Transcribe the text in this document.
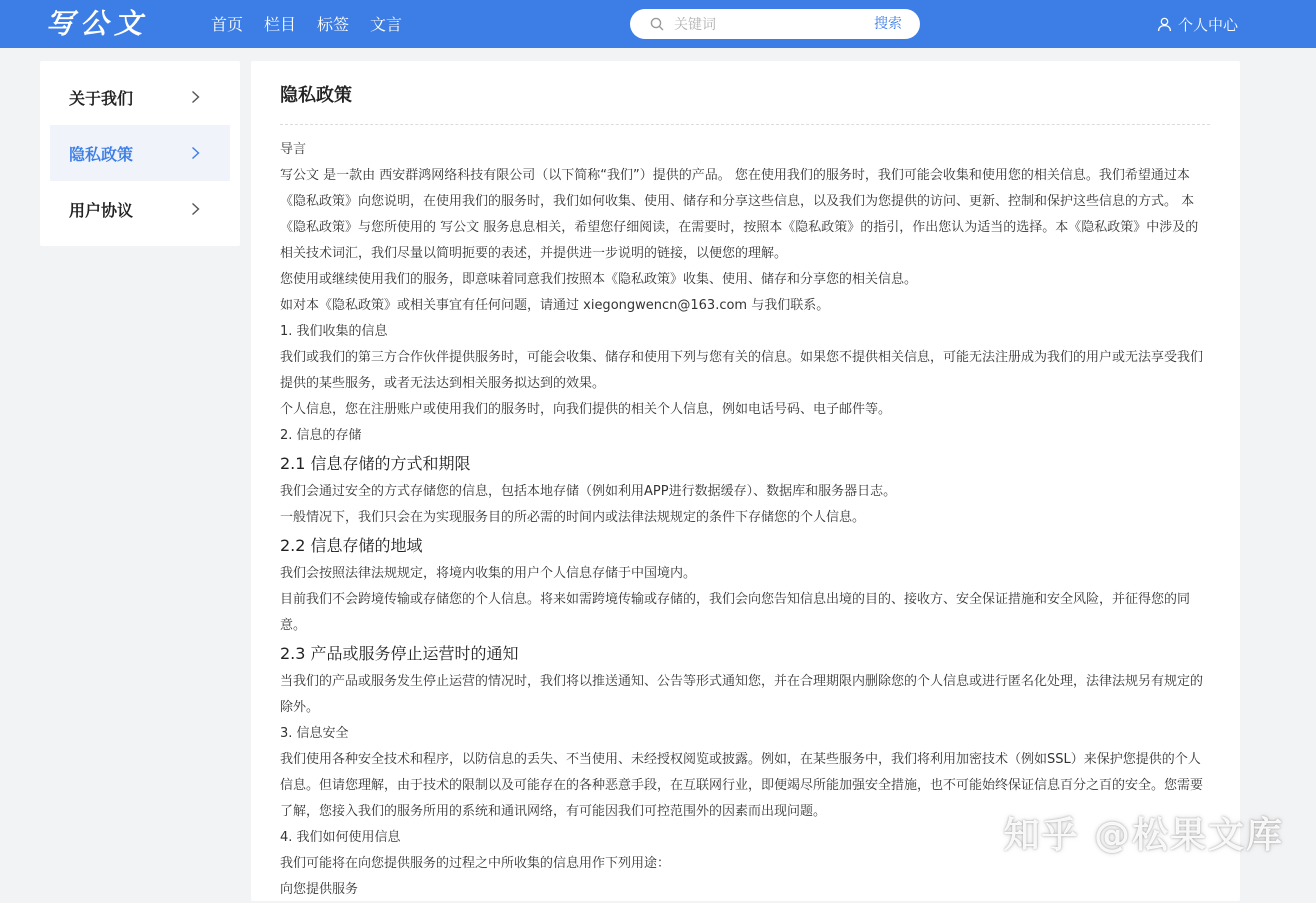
写公文	首页 栏目 标签 文言
关键词	搜索	个人中心
关于我们
隐私政策
用户协议
隐私政策

导言

写公文 是一款由 西安群鸿网络科技有限公司（以下简称“我们”）提供的产品。 您在使用我们的服务时，我们可能会收集和使用您的相关信息。我们希望通过本《隐私政策》向您说明，在使用我们的服务时，我们如何收集、使用、储存和分享这些信息，以及我们为您提供的访问、更新、控制和保护这些信息的方式。 本《隐私政策》与您所使用的 写公文 服务息息相关，希望您仔细阅读，在需要时，按照本《隐私政策》的指引，作出您认为适当的选择。本《隐私政策》中涉及的相关技术词汇，我们尽量以简明扼要的表述，并提供进一步说明的链接，以便您的理解。

您使用或继续使用我们的服务，即意味着同意我们按照本《隐私政策》收集、使用、储存和分享您的相关信息。

如对本《隐私政策》或相关事宜有任何问题，请通过 xiegongwencn@163.com 与我们联系。

1. 我们收集的信息

我们或我们的第三方合作伙伴提供服务时，可能会收集、储存和使用下列与您有关的信息。如果您不提供相关信息，可能无法注册成为我们的用户或无法享受我们提供的某些服务，或者无法达到相关服务拟达到的效果。

个人信息，您在注册账户或使用我们的服务时，向我们提供的相关个人信息，例如电话号码、电子邮件等。

2. 信息的存储

2.1 信息存储的方式和期限

我们会通过安全的方式存储您的信息，包括本地存储（例如利用APP进行数据缓存）、数据库和服务器日志。

一般情况下，我们只会在为实现服务目的所必需的时间内或法律法规规定的条件下存储您的个人信息。

2.2 信息存储的地域

我们会按照法律法规规定，将境内收集的用户个人信息存储于中国境内。

目前我们不会跨境传输或存储您的个人信息。将来如需跨境传输或存储的，我们会向您告知信息出境的目的、接收方、安全保证措施和安全风险，并征得您的同意。

2.3 产品或服务停止运营时的通知

当我们的产品或服务发生停止运营的情况时，我们将以推送通知、公告等形式通知您，并在合理期限内删除您的个人信息或进行匿名化处理，法律法规另有规定的除外。

3. 信息安全

我们使用各种安全技术和程序，以防信息的丢失、不当使用、未经授权阅览或披露。例如，在某些服务中，我们将利用加密技术（例如SSL）来保护您提供的个人信息。但请您理解，由于技术的限制以及可能存在的各种恶意手段，在互联网行业，即便竭尽所能加强安全措施，也不可能始终保证信息百分之百的安全。您需要了解，您接入我们的服务所用的系统和通讯网络，有可能因我们可控范围外的因素而出现问题。

4. 我们如何使用信息

我们可能将在向您提供服务的过程之中所收集的信息用作下列用途：

向您提供服务

知乎 @松果文库
